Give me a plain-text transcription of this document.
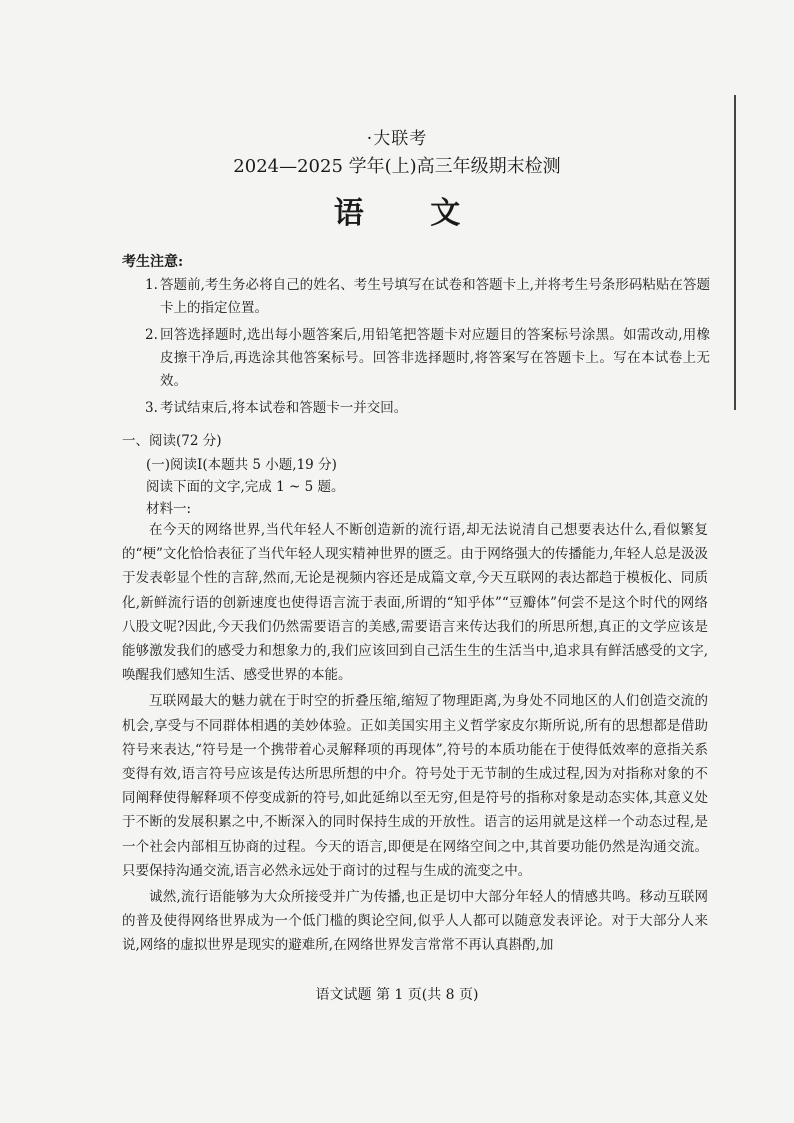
·大联考
2024—2025 学年(上)高三年级期末检测
语 文
考生注意:
1. 答题前,考生务必将自己的姓名、考生号填写在试卷和答题卡上,并将考生号条形码粘贴在答题卡上的指定位置。
2. 回答选择题时,选出每小题答案后,用铅笔把答题卡对应题目的答案标号涂黑。如需改动,用橡皮擦干净后,再选涂其他答案标号。回答非选择题时,将答案写在答题卡上。写在本试卷上无效。
3. 考试结束后,将本试卷和答题卡一并交回。
一、阅读(72 分)
(一)阅读Ⅰ(本题共 5 小题,19 分)
阅读下面的文字,完成 1 ~ 5 题。
材料一:

在今天的网络世界,当代年轻人不断创造新的流行语,却无法说清自己想要表达什么,看似繁复的“梗”文化恰恰表征了当代年轻人现实精神世界的匮乏。由于网络强大的传播能力,年轻人总是汲汲于发表彰显个性的言辞,然而,无论是视频内容还是成篇文章,今天互联网的表达都趋于模板化、同质化,新鲜流行语的创新速度也使得语言流于表面,所谓的“知乎体”“豆瓣体”何尝不是这个时代的网络八股文呢?因此,今天我们仍然需要语言的美感,需要语言来传达我们的所思所想,真正的文学应该是能够激发我们的感受力和想象力的,我们应该回到自己活生生的生活当中,追求具有鲜活感受的文字,唤醒我们感知生活、感受世界的本能。

互联网最大的魅力就在于时空的折叠压缩,缩短了物理距离,为身处不同地区的人们创造交流的机会,享受与不同群体相遇的美妙体验。正如美国实用主义哲学家皮尔斯所说,所有的思想都是借助符号来表达,“符号是一个携带着心灵解释项的再现体”,符号的本质功能在于使得低效率的意指关系变得有效,语言符号应该是传达所思所想的中介。符号处于无节制的生成过程,因为对指称对象的不同阐释使得解释项不停变成新的符号,如此延绵以至无穷,但是符号的指称对象是动态实体,其意义处于不断的发展积累之中,不断深入的同时保持生成的开放性。语言的运用就是这样一个动态过程,是一个社会内部相互协商的过程。今天的语言,即便是在网络空间之中,其首要功能仍然是沟通交流。只要保持沟通交流,语言必然永远处于商讨的过程与生成的流变之中。

诚然,流行语能够为大众所接受并广为传播,也正是切中大部分年轻人的情感共鸣。移动互联网的普及使得网络世界成为一个低门槛的舆论空间,似乎人人都可以随意发表评论。对于大部分人来说,网络的虚拟世界是现实的避难所,在网络世界发言常常不再认真斟酌,加

语文试题 第 1 页(共 8 页)
